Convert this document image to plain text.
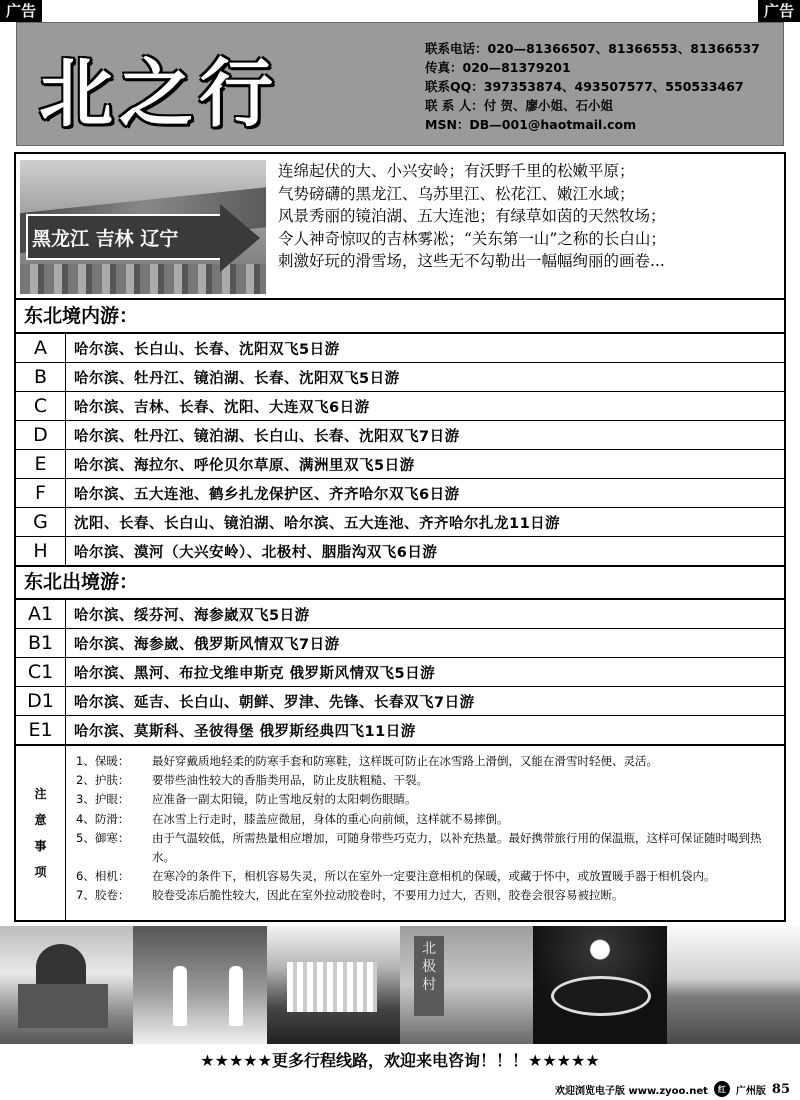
广告	广告
北之行
联系电话：020—81366507、81366553、81366537
传真：020—81379201
联系QQ：397353874、493507577、550533467
联 系 人：付 贺、廖小姐、石小姐
MSN：DB—001@haotmail.com
黑龙江 吉林 辽宁
连绵起伏的大、小兴安岭；有沃野千里的松嫩平原；
气势磅礴的黑龙江、乌苏里江、松花江、嫩江水域；
风景秀丽的镜泊湖、五大连池；有绿草如茵的天然牧场；
令人神奇惊叹的吉林雾凇；“关东第一山”之称的长白山；
刺激好玩的滑雪场，这些无不勾勒出一幅幅绚丽的画卷...
东北境内游：
A	哈尔滨、长白山、长春、沈阳双飞5日游
B	哈尔滨、牡丹江、镜泊湖、长春、沈阳双飞5日游
C	哈尔滨、吉林、长春、沈阳、大连双飞6日游
D	哈尔滨、牡丹江、镜泊湖、长白山、长春、沈阳双飞7日游
E	哈尔滨、海拉尔、呼伦贝尔草原、满洲里双飞5日游
F	哈尔滨、五大连池、鹤乡扎龙保护区、齐齐哈尔双飞6日游
G	沈阳、长春、长白山、镜泊湖、哈尔滨、五大连池、齐齐哈尔扎龙11日游
H	哈尔滨、漠河（大兴安岭）、北极村、胭脂沟双飞6日游
东北出境游：
A1	哈尔滨、绥芬河、海参崴双飞5日游
B1	哈尔滨、海参崴、俄罗斯风情双飞7日游
C1	哈尔滨、黑河、布拉戈维申斯克 俄罗斯风情双飞5日游
D1	哈尔滨、延吉、长白山、朝鲜、罗津、先锋、长春双飞7日游
E1	哈尔滨、莫斯科、圣彼得堡 俄罗斯经典四飞11日游
注
意
事
项
1、保暖：	最好穿戴质地轻柔的防寒手套和防寒鞋，这样既可防止在冰雪路上滑倒，又能在滑雪时轻便、灵活。
2、护肤：	要带些油性较大的香脂类用品，防止皮肤粗糙、干裂。
3、护眼：	应准备一副太阳镜，防止雪地反射的太阳刺伤眼睛。
4、防滑：	在冰雪上行走时，膝盖应微屈，身体的重心向前倾，这样就不易摔倒。
5、御寒：	由于气温较低，所需热量相应增加，可随身带些巧克力，以补充热量。最好携带旅行用的保温瓶，这样可保证随时喝到热水。
6、相机：	在寒冷的条件下，相机容易失灵，所以在室外一定要注意相机的保暖，或藏于怀中，或放置暖手器于相机袋内。
7、胶卷：	胶卷受冻后脆性较大，因此在室外拉动胶卷时，不要用力过大，否则，胶卷会很容易被拉断。
北极村
★★★★★更多行程线路，欢迎来电咨询！！！★★★★★
欢迎浏览电子版 www.zyoo.net	红	广州版 85
